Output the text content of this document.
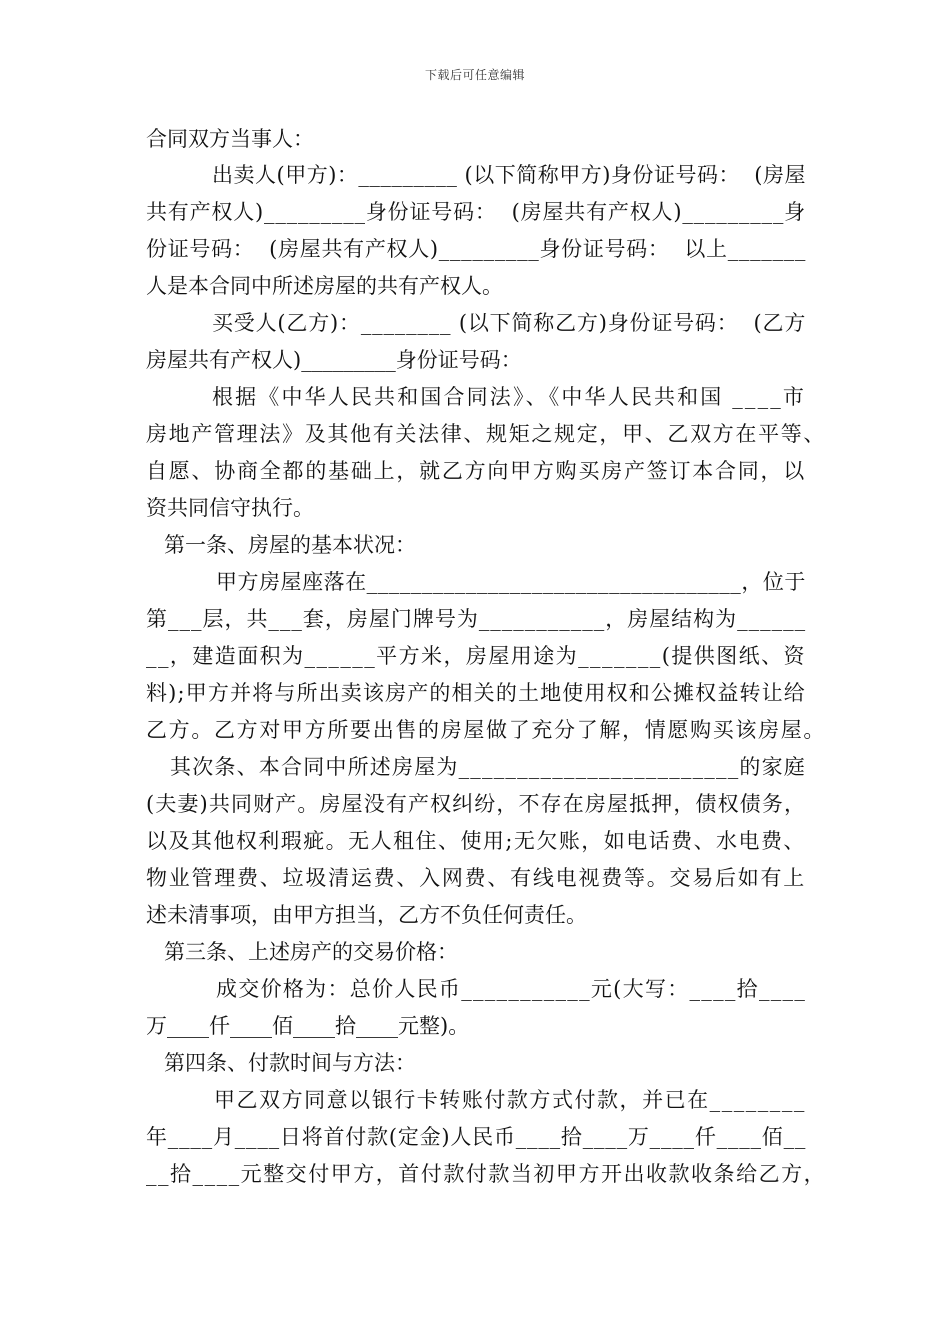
下载后可任意编辑
合同双方当事人：
出卖人(甲方)：_________ (以下简称甲方)身份证号码：  (房屋
共有产权人)_________身份证号码：  (房屋共有产权人)_________身
份证号码：  (房屋共有产权人)_________身份证号码：  以上_______
人是本合同中所述房屋的共有产权人。
买受人(乙方)：________ (以下简称乙方)身份证号码：  (乙方
房屋共有产权人)_________身份证号码：
根据《中华人民共和国合同法》、《中华人民共和国 ____市
房地产管理法》及其他有关法律、规矩之规定，甲、乙双方在平等、
自愿、协商全都的基础上，就乙方向甲方购买房产签订本合同，以
资共同信守执行。
第一条、房屋的基本状况：
甲方房屋座落在__________________________________，位于
第___层，共___套，房屋门牌号为___________，房屋结构为______
__，建造面积为______平方米，房屋用途为_______(提供图纸、资
料);甲方并将与所出卖该房产的相关的土地使用权和公摊权益转让给
乙方。乙方对甲方所要出售的房屋做了充分了解，情愿购买该房屋。
其次条、本合同中所述房屋为________________________的家庭
(夫妻)共同财产。房屋没有产权纠纷，不存在房屋抵押，债权债务，
以及其他权利瑕疵。无人租住、使用;无欠账，如电话费、水电费、
物业管理费、垃圾清运费、入网费、有线电视费等。交易后如有上
述未清事项，由甲方担当，乙方不负任何责任。
第三条、上述房产的交易价格：
成交价格为：总价人民币___________元(大写：____拾____
万____仟____佰____拾____元整)。
第四条、付款时间与方法：
甲乙双方同意以银行卡转账付款方式付款，并已在________
年____月____日将首付款(定金)人民币____拾____万____仟____佰__
__拾____元整交付甲方，首付款付款当初甲方开出收款收条给乙方，
